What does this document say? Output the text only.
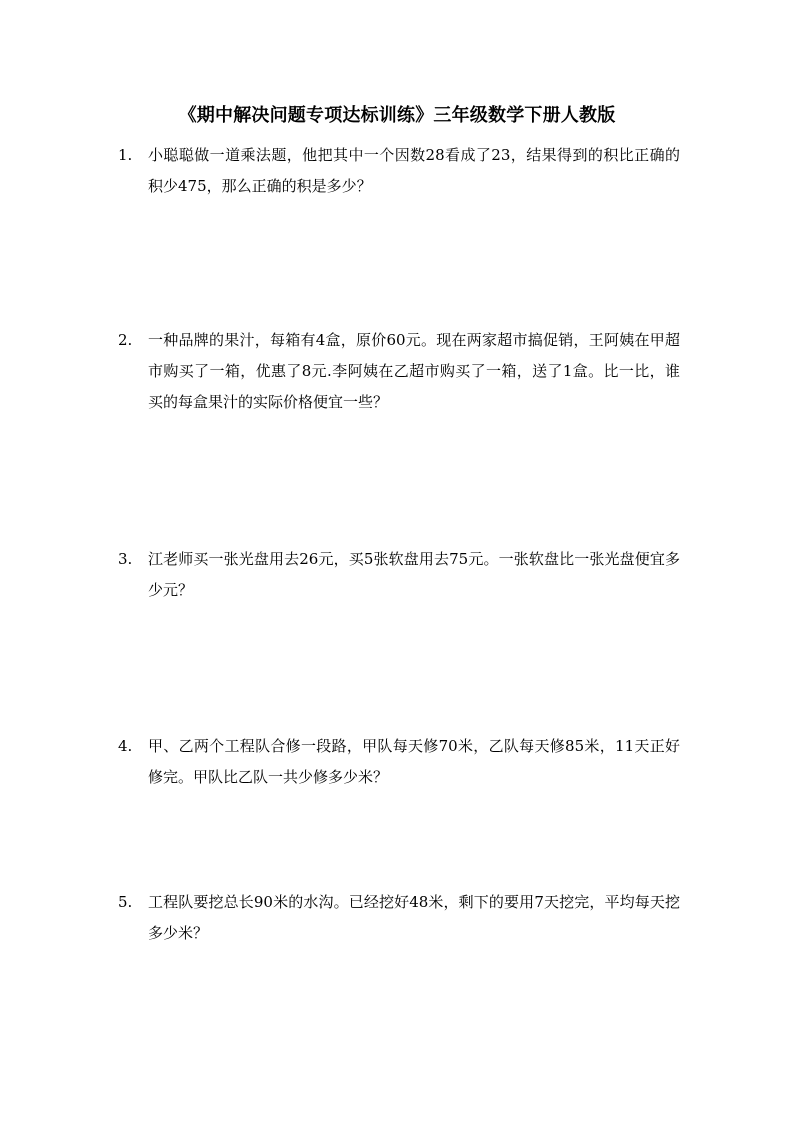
《期中解决问题专项达标训练》三年级数学下册人教版
1.	小聪聪做一道乘法题，他把其中一个因数28看成了23，结果得到的积比正确的积少475，那么正确的积是多少？
2.	一种品牌的果汁，每箱有4盒，原价60元。现在两家超市搞促销，王阿姨在甲超市购买了一箱，优惠了8元.李阿姨在乙超市购买了一箱，送了1盒。比一比，谁买的每盒果汁的实际价格便宜一些？
3.	江老师买一张光盘用去26元，买5张软盘用去75元。一张软盘比一张光盘便宜多少元？
4.	甲、乙两个工程队合修一段路，甲队每天修70米，乙队每天修85米，11天正好修完。甲队比乙队一共少修多少米？
5.	工程队要挖总长90米的水沟。已经挖好48米，剩下的要用7天挖完，平均每天挖多少米？
